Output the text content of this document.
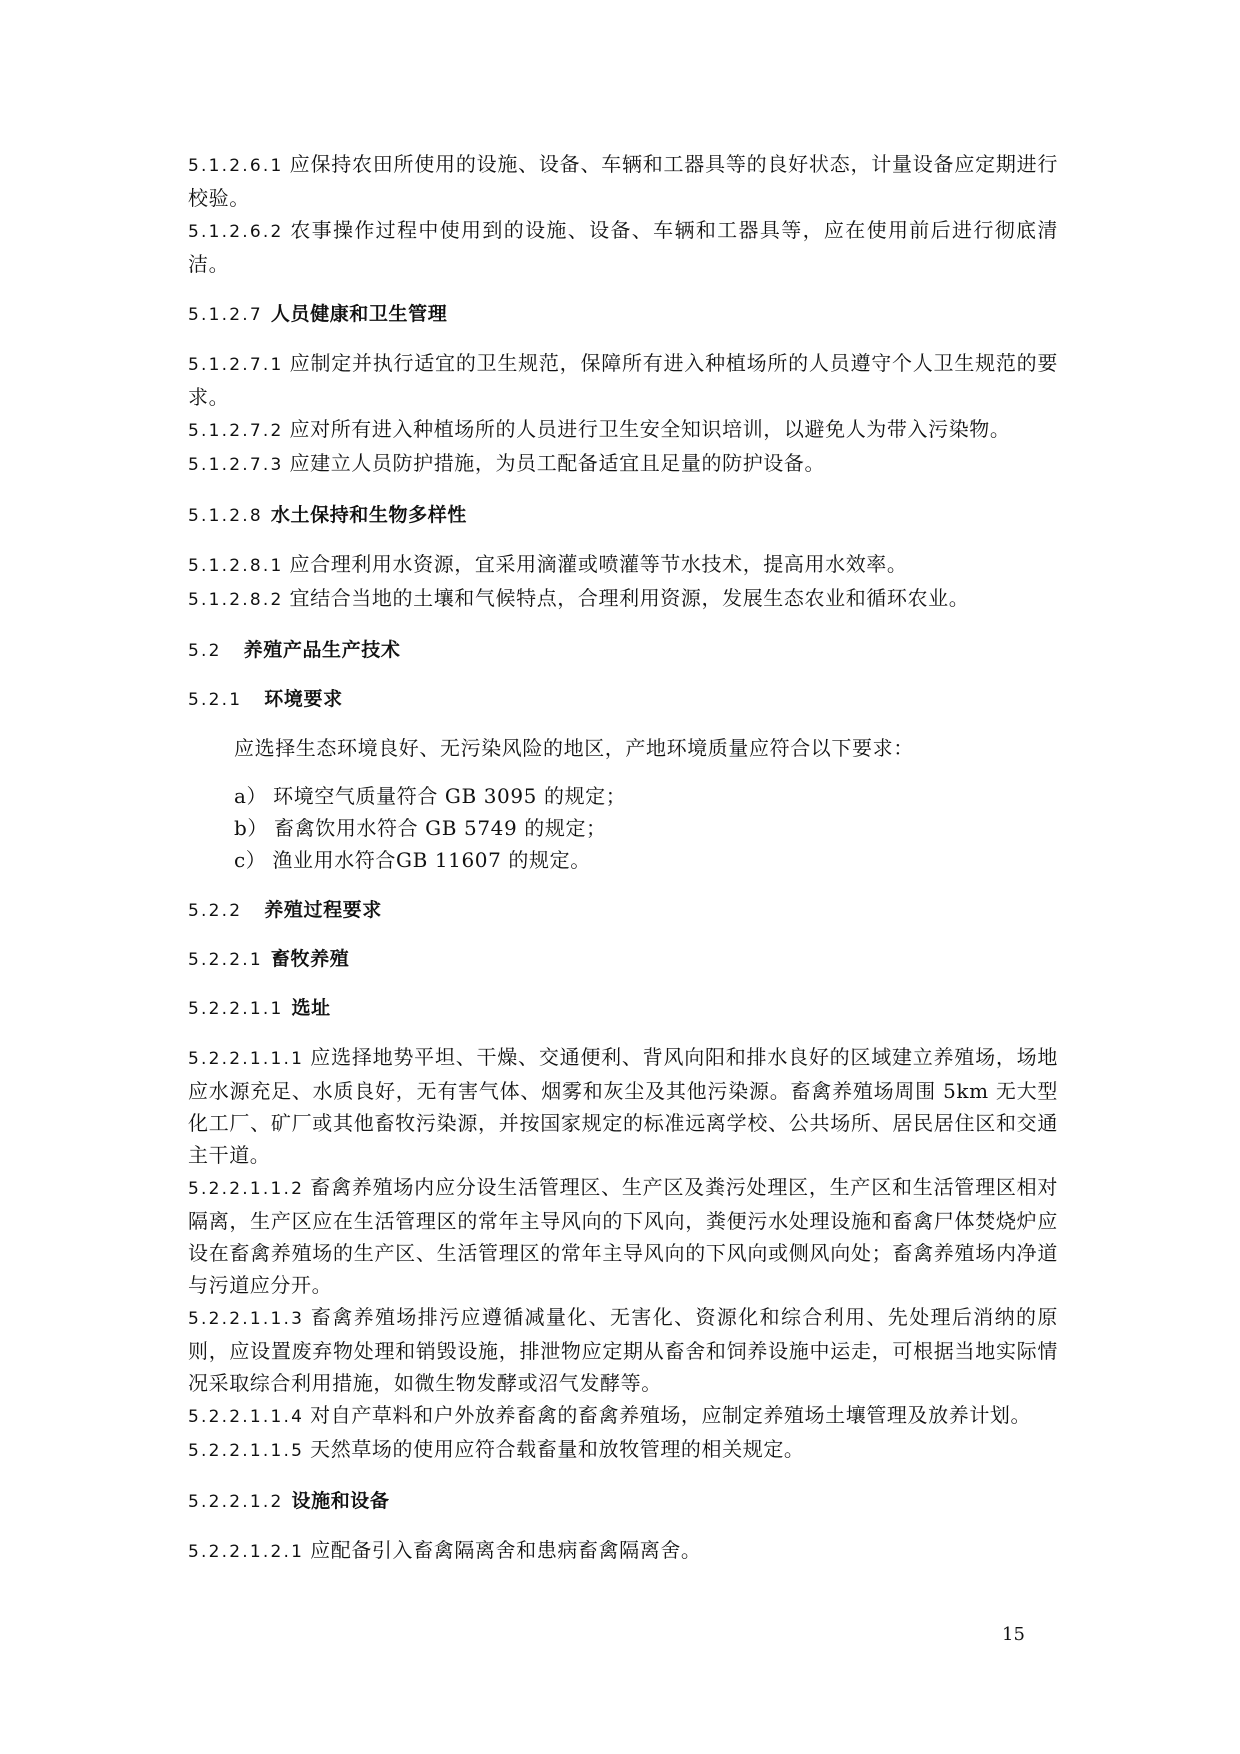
5.1.2.6.1 应保持农田所使用的设施、设备、车辆和工器具等的良好状态，计量设备应定期进行校验。

5.1.2.6.2 农事操作过程中使用到的设施、设备、车辆和工器具等，应在使用前后进行彻底清洁。

5.1.2.7 人员健康和卫生管理

5.1.2.7.1 应制定并执行适宜的卫生规范，保障所有进入种植场所的人员遵守个人卫生规范的要求。

5.1.2.7.2 应对所有进入种植场所的人员进行卫生安全知识培训，以避免人为带入污染物。

5.1.2.7.3 应建立人员防护措施，为员工配备适宜且足量的防护设备。

5.1.2.8 水土保持和生物多样性

5.1.2.8.1 应合理利用水资源，宜采用滴灌或喷灌等节水技术，提高用水效率。

5.1.2.8.2 宜结合当地的土壤和气候特点，合理利用资源，发展生态农业和循环农业。

5.2 养殖产品生产技术

5.2.1 环境要求

应选择生态环境良好、无污染风险的地区，产地环境质量应符合以下要求：

a） 环境空气质量符合 GB 3095 的规定；

b） 畜禽饮用水符合 GB 5749 的规定；

c） 渔业用水符合GB 11607 的规定。

5.2.2 养殖过程要求

5.2.2.1 畜牧养殖

5.2.2.1.1 选址

5.2.2.1.1.1 应选择地势平坦、干燥、交通便利、背风向阳和排水良好的区域建立养殖场，场地应水源充足、水质良好，无有害气体、烟雾和灰尘及其他污染源。畜禽养殖场周围 5km 无大型化工厂、矿厂或其他畜牧污染源，并按国家规定的标准远离学校、公共场所、居民居住区和交通主干道。

5.2.2.1.1.2 畜禽养殖场内应分设生活管理区、生产区及粪污处理区，生产区和生活管理区相对隔离，生产区应在生活管理区的常年主导风向的下风向，粪便污水处理设施和畜禽尸体焚烧炉应设在畜禽养殖场的生产区、生活管理区的常年主导风向的下风向或侧风向处；畜禽养殖场内净道与污道应分开。

5.2.2.1.1.3 畜禽养殖场排污应遵循减量化、无害化、资源化和综合利用、先处理后消纳的原则，应设置废弃物处理和销毁设施，排泄物应定期从畜舍和饲养设施中运走，可根据当地实际情况采取综合利用措施，如微生物发酵或沼气发酵等。

5.2.2.1.1.4 对自产草料和户外放养畜禽的畜禽养殖场，应制定养殖场土壤管理及放养计划。

5.2.2.1.1.5 天然草场的使用应符合载畜量和放牧管理的相关规定。

5.2.2.1.2 设施和设备

5.2.2.1.2.1 应配备引入畜禽隔离舍和患病畜禽隔离舍。

15
